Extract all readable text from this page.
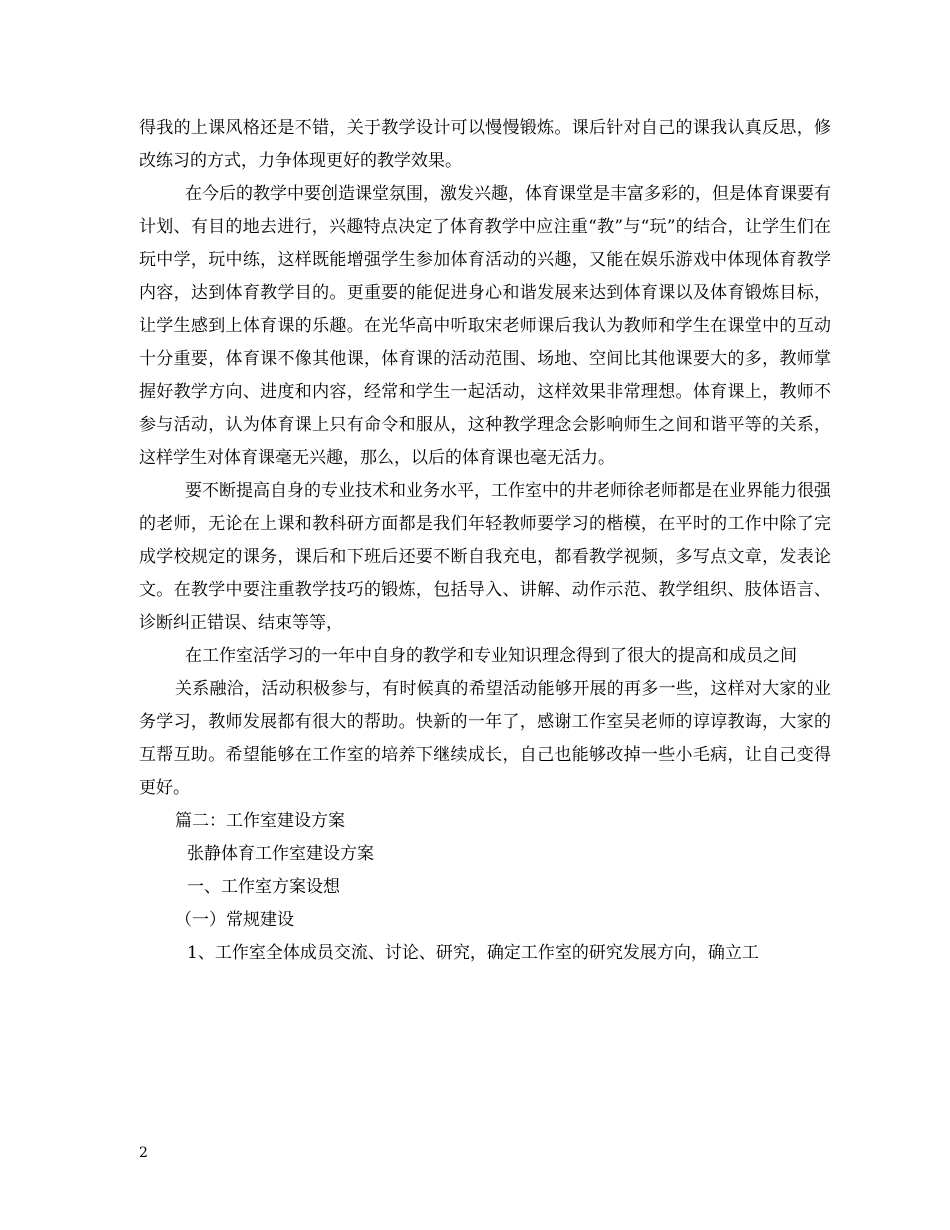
得我的上课风格还是不错，关于教学设计可以慢慢锻炼。课后针对自己的课我认真反思，修改练习的方式，力争体现更好的教学效果。

在今后的教学中要创造课堂氛围，激发兴趣，体育课堂是丰富多彩的，但是体育课要有计划、有目的地去进行，兴趣特点决定了体育教学中应注重“教”与“玩”的结合，让学生们在玩中学，玩中练，这样既能增强学生参加体育活动的兴趣，又能在娱乐游戏中体现体育教学内容，达到体育教学目的。更重要的能促进身心和谐发展来达到体育课以及体育锻炼目标，让学生感到上体育课的乐趣。在光华高中听取宋老师课后我认为教师和学生在课堂中的互动十分重要，体育课不像其他课，体育课的活动范围、场地、空间比其他课要大的多，教师掌握好教学方向、进度和内容，经常和学生一起活动，这样效果非常理想。体育课上，教师不参与活动，认为体育课上只有命令和服从，这种教学理念会影响师生之间和谐平等的关系，这样学生对体育课毫无兴趣，那么，以后的体育课也毫无活力。

要不断提高自身的专业技术和业务水平，工作室中的井老师徐老师都是在业界能力很强的老师，无论在上课和教科研方面都是我们年轻教师要学习的楷模，在平时的工作中除了完成学校规定的课务，课后和下班后还要不断自我充电，都看教学视频，多写点文章，发表论文。在教学中要注重教学技巧的锻炼，包括导入、讲解、动作示范、教学组织、肢体语言、诊断纠正错误、结束等等，

在工作室活学习的一年中自身的教学和专业知识理念得到了很大的提高和成员之间

关系融洽，活动积极参与，有时候真的希望活动能够开展的再多一些，这样对大家的业务学习，教师发展都有很大的帮助。快新的一年了，感谢工作室吴老师的谆谆教诲，大家的互帮互助。希望能够在工作室的培养下继续成长，自己也能够改掉一些小毛病，让自己变得更好。

篇二：工作室建设方案

张静体育工作室建设方案

一、工作室方案设想

（一）常规建设

1、工作室全体成员交流、讨论、研究，确定工作室的研究发展方向，确立工

2
